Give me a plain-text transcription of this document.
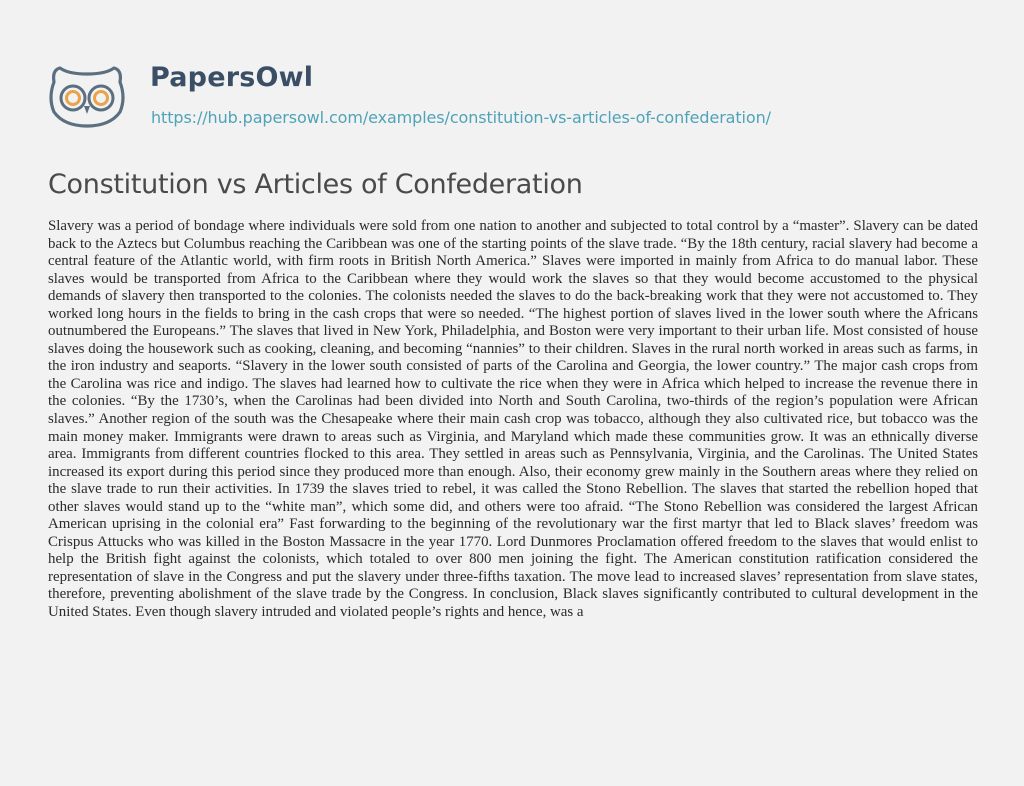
PapersOwl
https://hub.papersowl.com/examples/constitution-vs-articles-of-confederation/
Constitution vs Articles of Confederation

Slavery was a period of bondage where individuals were sold from one nation to another and subjected to total control by a “master”. Slavery can be dated back to the Aztecs but Columbus reaching the Caribbean was one of the starting points of the slave trade. “By the 18th century, racial slavery had become a central feature of the Atlantic world, with firm roots in British North America.” Slaves were imported in mainly from Africa to do manual labor. These slaves would be transported from Africa to the Caribbean where they would work the slaves so that they would become accustomed to the physical demands of slavery then transported to the colonies. The colonists needed the slaves to do the back-breaking work that they were not accustomed to. They worked long hours in the fields to bring in the cash crops that were so needed. “The highest portion of slaves lived in the lower south where the Africans outnumbered the Europeans.” The slaves that lived in New York, Philadelphia, and Boston were very important to their urban life. Most consisted of house slaves doing the housework such as cooking, cleaning, and becoming “nannies” to their children. Slaves in the rural north worked in areas such as farms, in the iron industry and seaports. “Slavery in the lower south consisted of parts of the Carolina and Georgia, the lower country.” The major cash crops from the Carolina was rice and indigo. The slaves had learned how to cultivate the rice when they were in Africa which helped to increase the revenue there in the colonies. “By the 1730’s, when the Carolinas had been divided into North and South Carolina, two-thirds of the region’s population were African slaves.” Another region of the south was the Chesapeake where their main cash crop was tobacco, although they also cultivated rice, but tobacco was the main money maker. Immigrants were drawn to areas such as Virginia, and Maryland which made these communities grow. It was an ethnically diverse area. Immigrants from different countries flocked to this area. They settled in areas such as Pennsylvania, Virginia, and the Carolinas. The United States increased its export during this period since they produced more than enough. Also, their economy grew mainly in the Southern areas where they relied on the slave trade to run their activities. In 1739 the slaves tried to rebel, it was called the Stono Rebellion. The slaves that started the rebellion hoped that other slaves would stand up to the “white man”, which some did, and others were too afraid. “The Stono Rebellion was considered the largest African American uprising in the colonial era” Fast forwarding to the beginning of the revolutionary war the first martyr that led to Black slaves’ freedom was Crispus Attucks who was killed in the Boston Massacre in the year 1770. Lord Dunmores Proclamation offered freedom to the slaves that would enlist to help the British fight against the colonists, which totaled to over 800 men joining the fight. The American constitution ratification considered the representation of slave in the Congress and put the slavery under three-fifths taxation. The move lead to increased slaves’ representation from slave states, therefore, preventing abolishment of the slave trade by the Congress. In conclusion, Black slaves significantly contributed to cultural development in the United States. Even though slavery intruded and violated people’s rights and hence, was a
